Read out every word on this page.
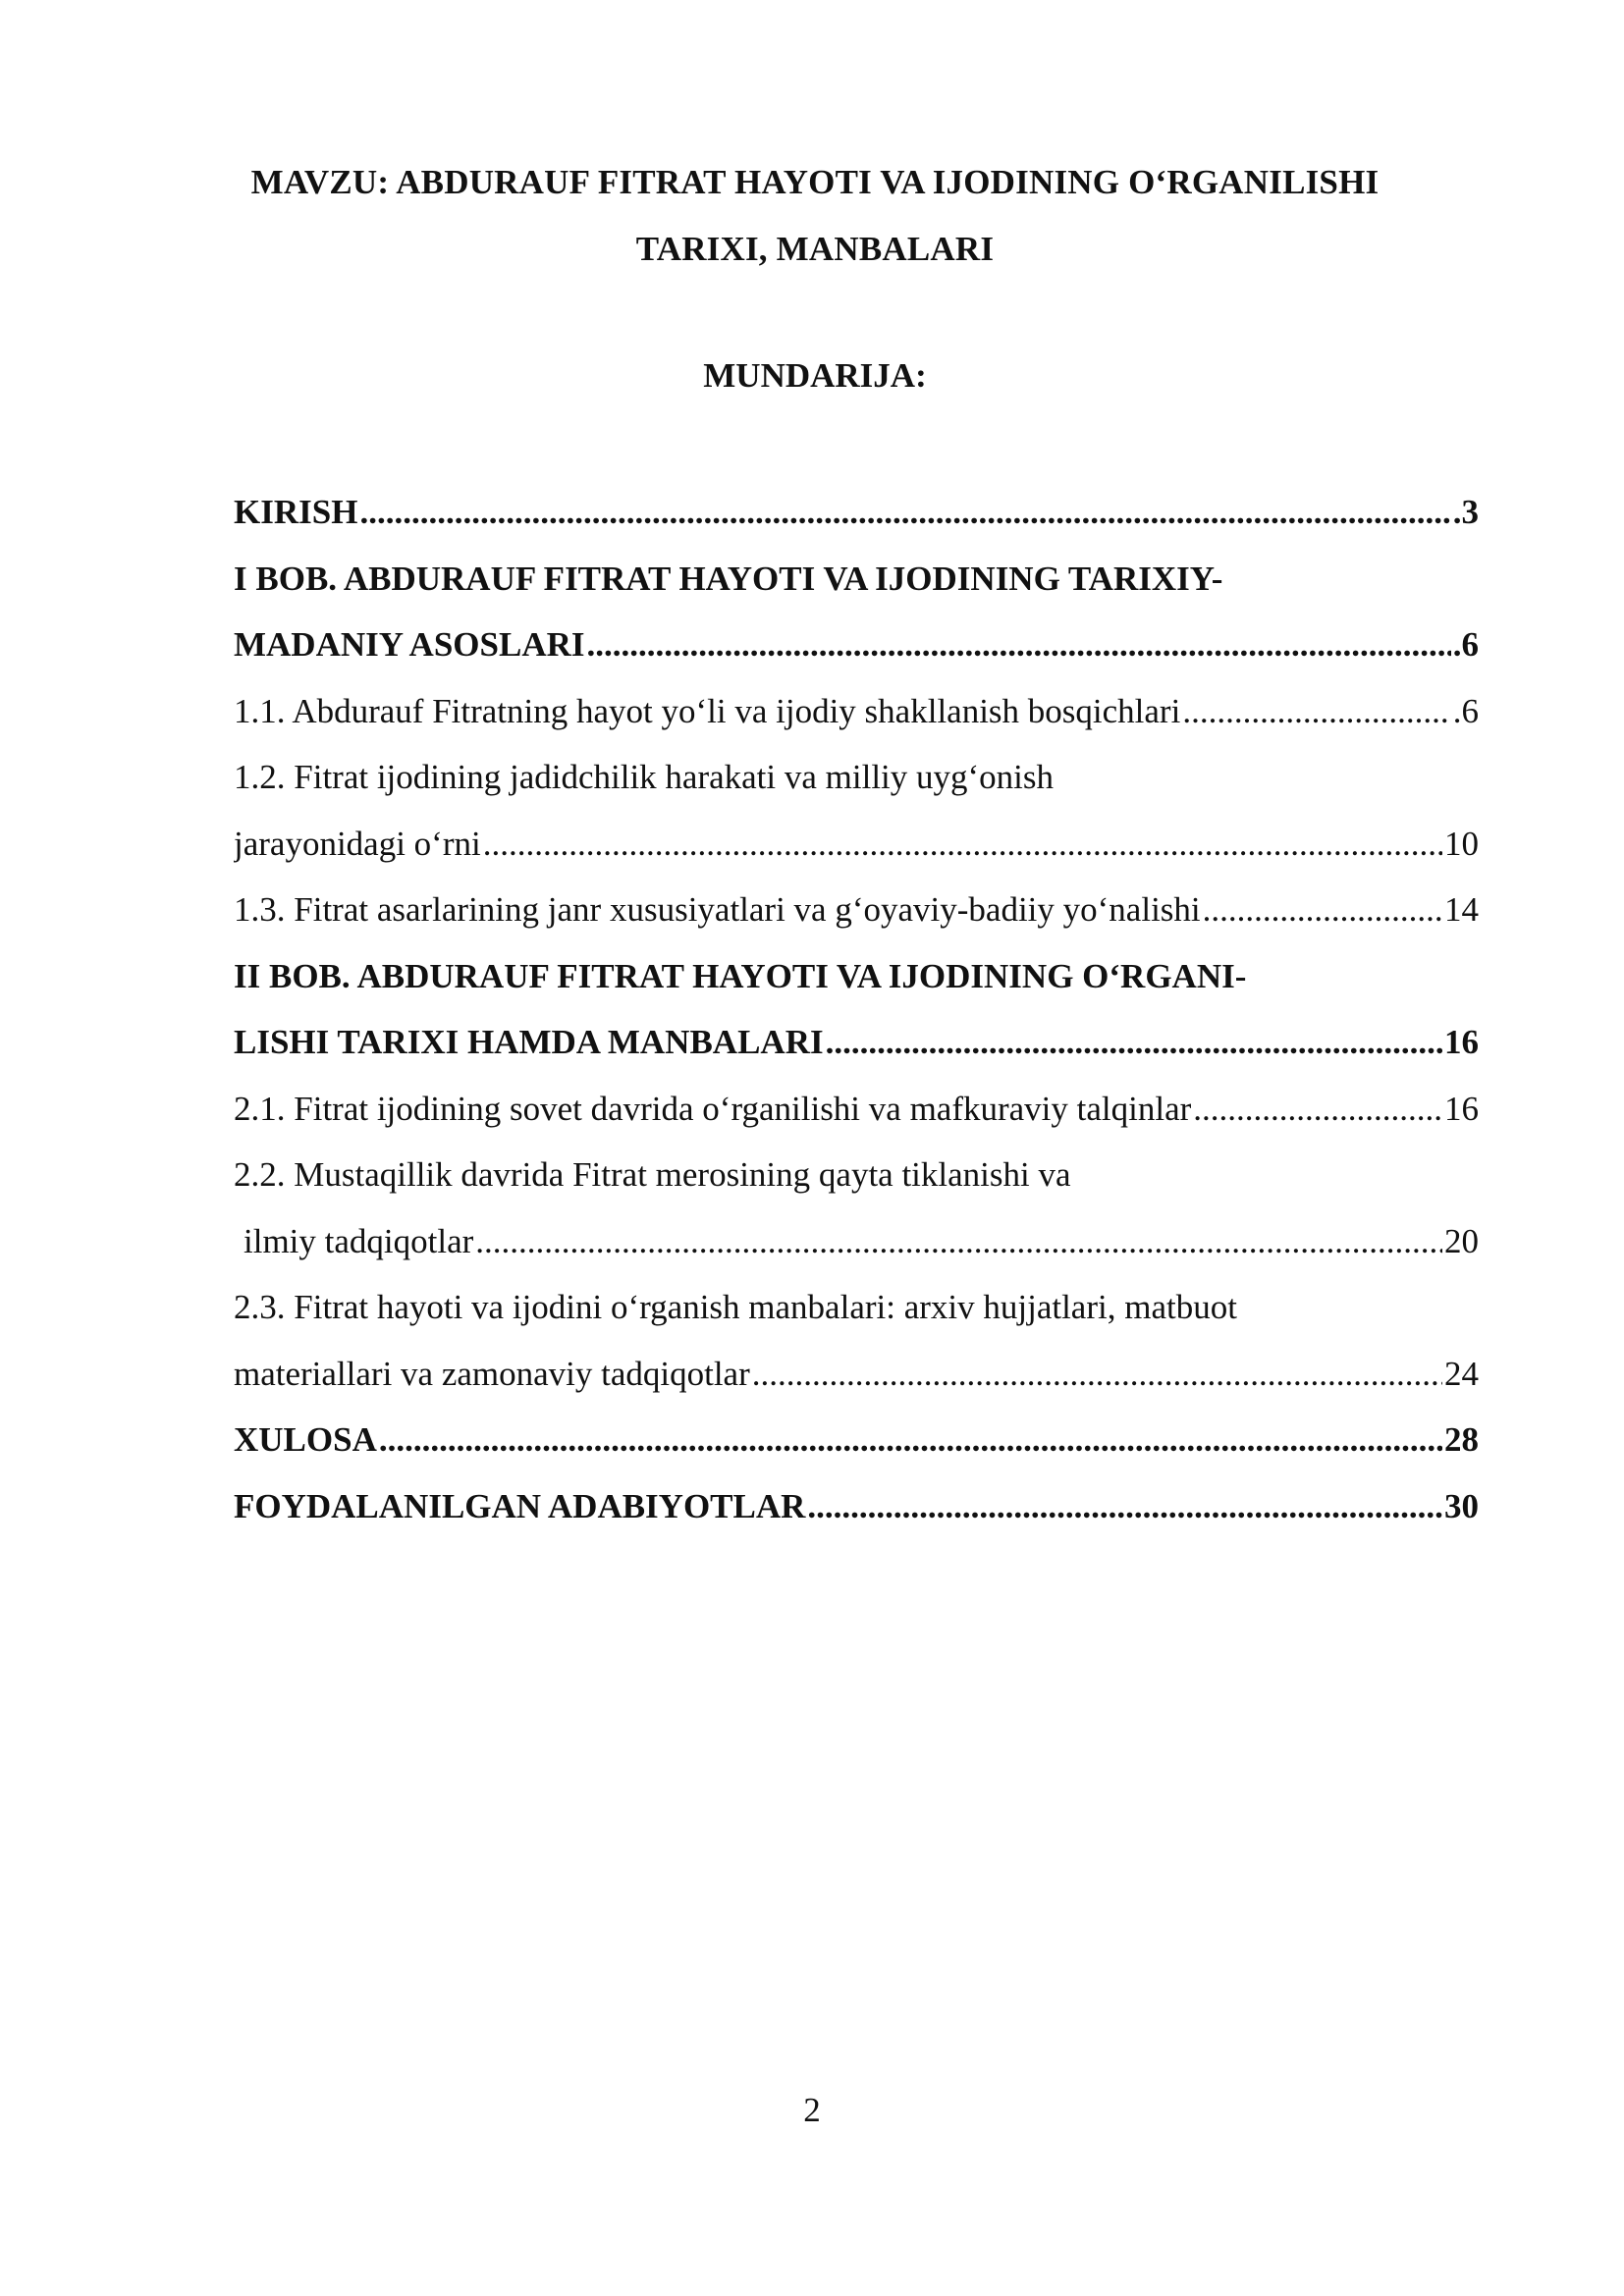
MAVZU: ABDURAUF FITRAT HAYOTI VA IJODINING O‘RGANILISHI
TARIXI, MANBALARI
MUNDARIJA:
KIRISH .....	.3
I BOB. ABDURAUF FITRAT HAYOTI VA IJODINING TARIXIY-
MADANIY ASOSLARI .....	.6
1.1. Abdurauf Fitratning hayot yo‘li va ijodiy shakllanish bosqichlari .....	.6
1.2. Fitrat ijodining jadidchilik harakati va milliy uyg‘onish
jarayonidagi o‘rni .....	10
1.3. Fitrat asarlarining janr xususiyatlari va g‘oyaviy-badiiy yo‘nalishi .....	14
II BOB. ABDURAUF FITRAT HAYOTI VA IJODINING O‘RGANI-
LISHI TARIXI HAMDA MANBALARI .....	16
2.1. Fitrat ijodining sovet davrida o‘rganilishi va mafkuraviy talqinlar .....	16
2.2. Mustaqillik davrida Fitrat merosining qayta tiklanishi va
ilmiy tadqiqotlar .....	20
2.3. Fitrat hayoti va ijodini o‘rganish manbalari: arxiv hujjatlari, matbuot
materiallari va zamonaviy tadqiqotlar .....	24
XULOSA .....	28
FOYDALANILGAN ADABIYOTLAR .....	30
2
